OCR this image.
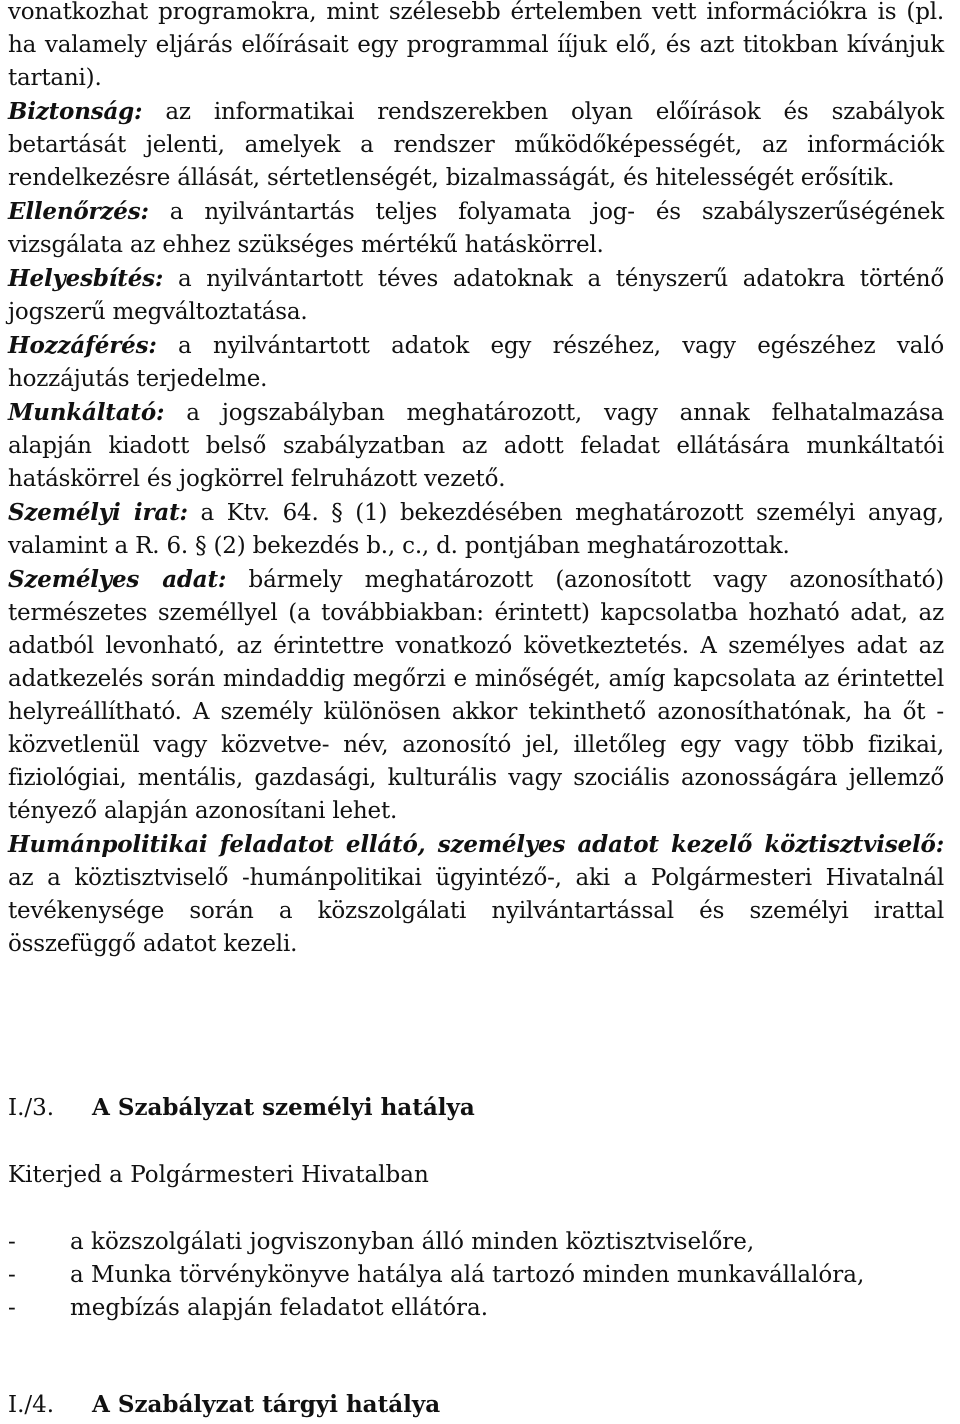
vonatkozhat programokra, mint szélesebb értelemben vett információkra is (pl. ha valamely eljárás előírásait egy programmal ííjuk elő, és azt titokban kívánjuk tartani).

Biztonság: az informatikai rendszerekben olyan előírások és szabályok betartását jelenti, amelyek a rendszer működőképességét, az információk rendelkezésre állását, sértetlenségét, bizalmasságát, és hitelességét erősítik.

Ellenőrzés: a nyilvántartás teljes folyamata jog- és szabályszerűségének vizsgálata az ehhez szükséges mértékű hatáskörrel.

Helyesbítés: a nyilvántartott téves adatoknak a tényszerű adatokra történő jogszerű megváltoztatása.

Hozzáférés: a nyilvántartott adatok egy részéhez, vagy egészéhez való hozzájutás terjedelme.

Munkáltató: a jogszabályban meghatározott, vagy annak felhatalmazása alapján kiadott belső szabályzatban az adott feladat ellátására munkáltatói hatáskörrel és jogkörrel felruházott vezető.

Személyi irat: a Ktv. 64. § (1) bekezdésében meghatározott személyi anyag, valamint a R. 6. § (2) bekezdés b., c., d. pontjában meghatározottak.

Személyes adat: bármely meghatározott (azonosított vagy azonosítható) természetes személlyel (a továbbiakban: érintett) kapcsolatba hozható adat, az adatból levonható, az érintettre vonatkozó következtetés. A személyes adat az adatkezelés során mindaddig megőrzi e minőségét, amíg kapcsolata az érintettel helyreállítható. A személy különösen akkor tekinthető azonosíthatónak, ha őt -közvetlenül vagy közvetve- név, azonosító jel, illetőleg egy vagy több fizikai, fiziológiai, mentális, gazdasági, kulturális vagy szociális azonosságára jellemző tényező alapján azonosítani lehet.

Humánpolitikai feladatot ellátó, személyes adatot kezelő köztisztviselő: az a köztisztviselő -humánpolitikai ügyintéző-, aki a Polgármesteri Hivatalnál tevékenysége során a közszolgálati nyilvántartással és személyi irattal összefüggő adatot kezeli.

I./3. A Szabályzat személyi hatálya

Kiterjed a Polgármesteri Hivatalban

- a közszolgálati jogviszonyban álló minden köztisztviselőre,
- a Munka törvénykönyve hatálya alá tartozó minden munkavállalóra,
- megbízás alapján feladatot ellátóra.
I./4. A Szabályzat tárgyi hatálya
